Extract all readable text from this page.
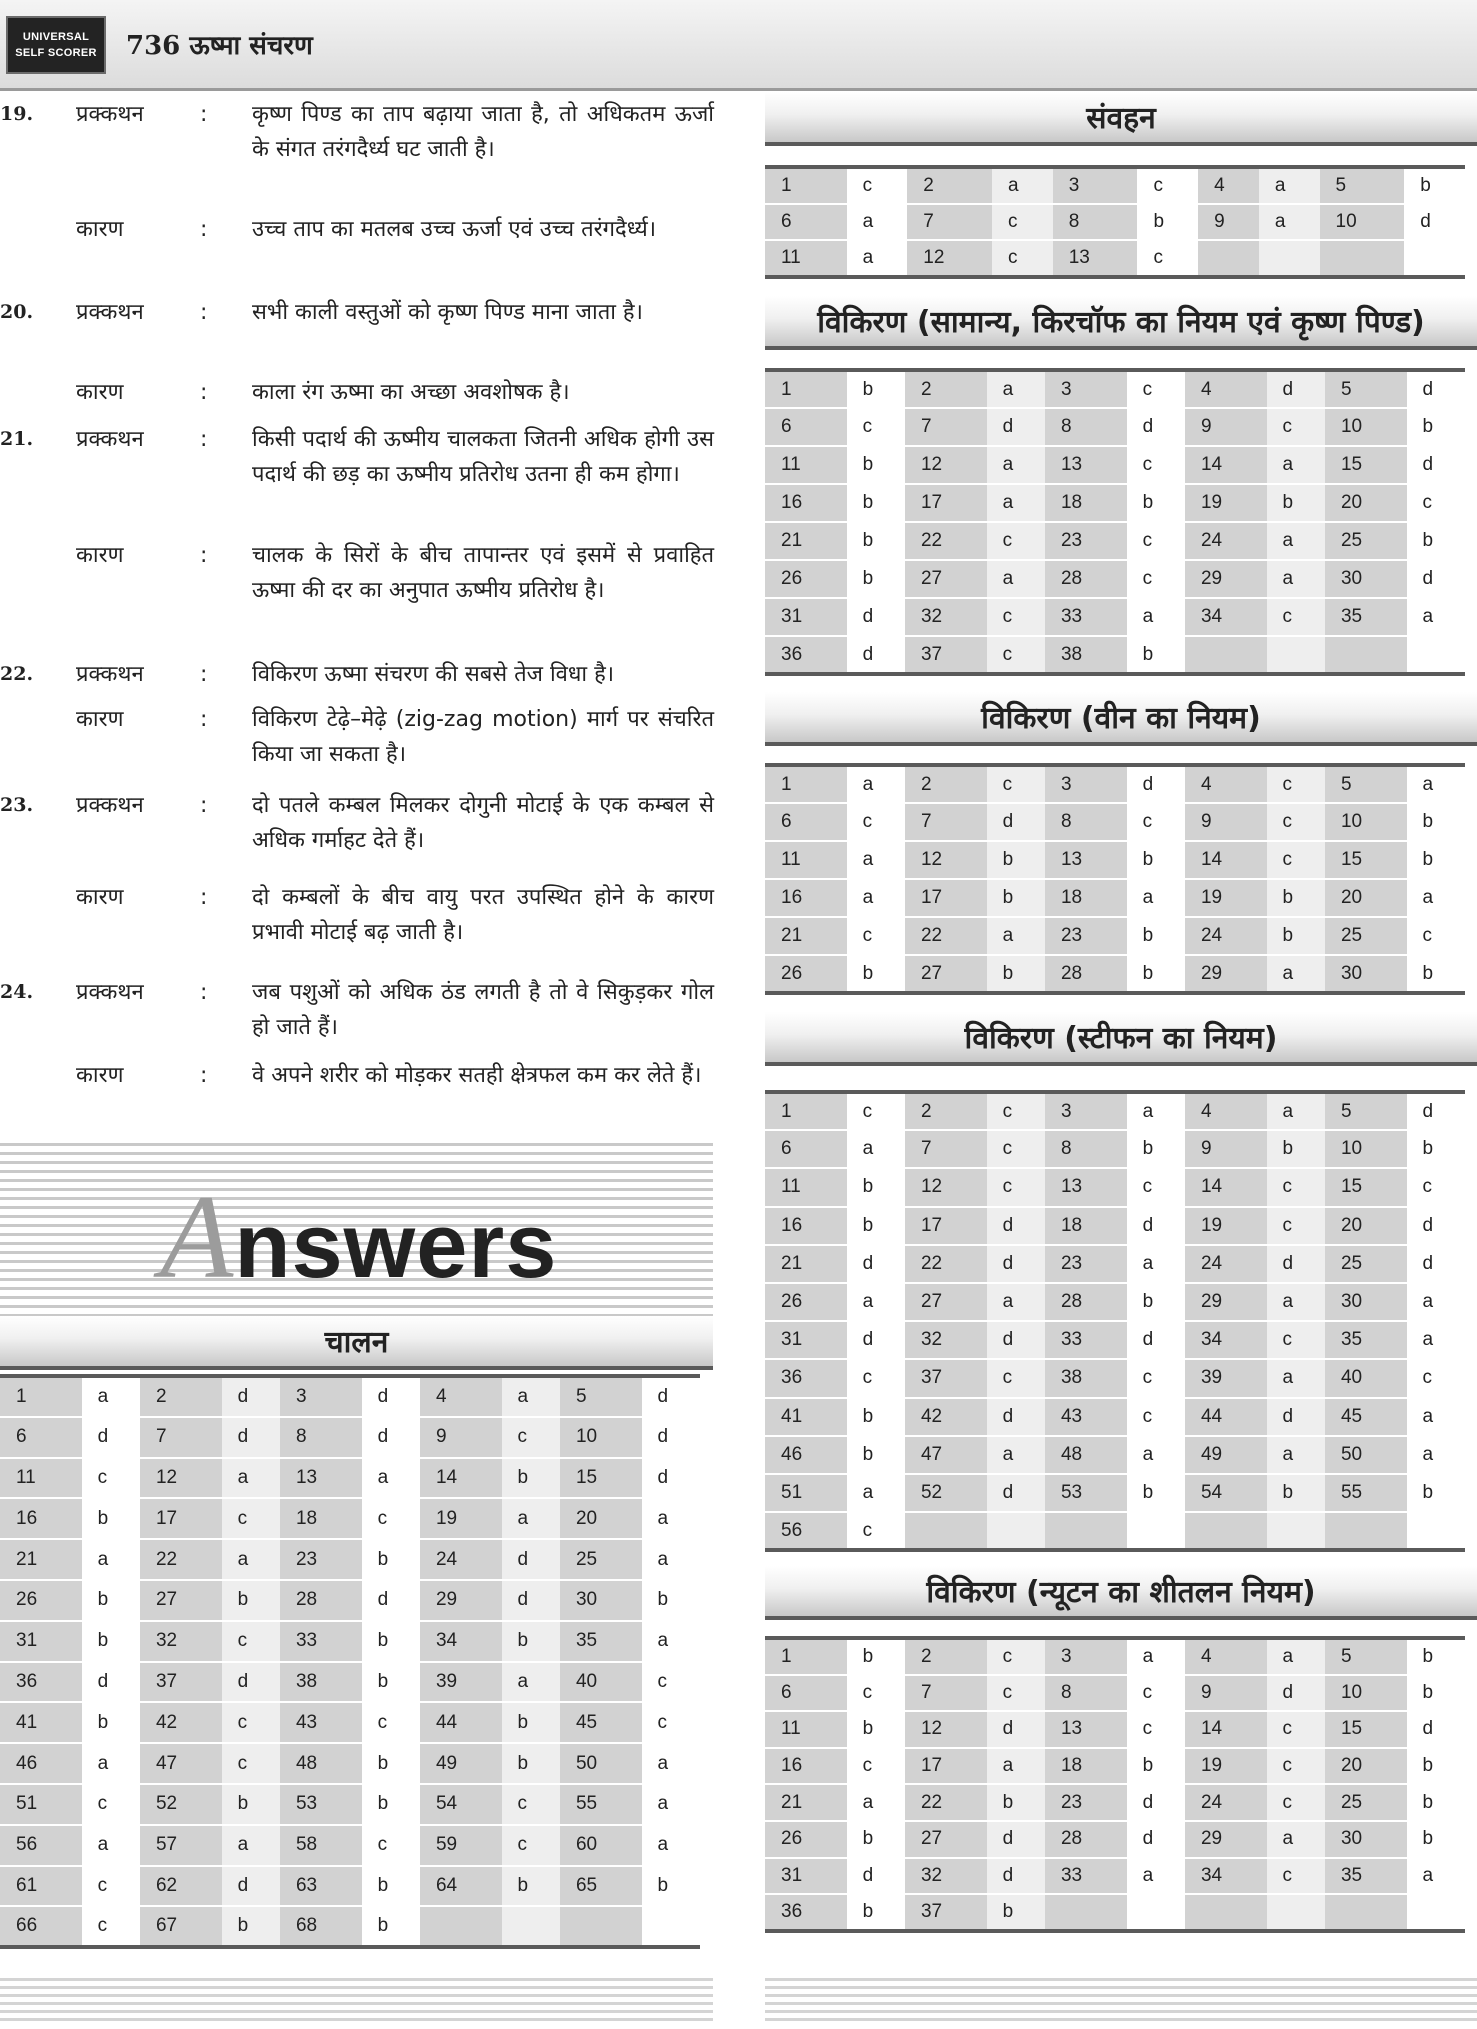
UNIVERSAL
SELF SCORER 736 ऊष्मा संचरण
19.	प्रक्कथन	:	कृष्ण पिण्ड का ताप बढ़ाया जाता है, तो अधिकतम ऊर्जा के संगत तरंगदैर्ध्य घट जाती है।
कारण	:	उच्च ताप का मतलब उच्च ऊर्जा एवं उच्च तरंगदैर्ध्य।
20.	प्रक्कथन	:	सभी काली वस्तुओं को कृष्ण पिण्ड माना जाता है।
कारण	:	काला रंग ऊष्मा का अच्छा अवशोषक है।
21.	प्रक्कथन	:	किसी पदार्थ की ऊष्मीय चालकता जितनी अधिक होगी उस पदार्थ की छड़ का ऊष्मीय प्रतिरोध उतना ही कम होगा।
कारण	:	चालक के सिरों के बीच तापान्तर एवं इसमें से प्रवाहित ऊष्मा की दर का अनुपात ऊष्मीय प्रतिरोध है।
22.	प्रक्कथन	:	विकिरण ऊष्मा संचरण की सबसे तेज विधा है।
कारण	:	विकिरण टेढ़े–मेढ़े (zig-zag motion) मार्ग पर संचरित किया जा सकता है।
23.	प्रक्कथन	:	दो पतले कम्बल मिलकर दोगुनी मोटाई के एक कम्बल से अधिक गर्माहट देते हैं।
कारण	:	दो कम्बलों के बीच वायु परत उपस्थित होने के कारण प्रभावी मोटाई बढ़ जाती है।
24.	प्रक्कथन	:	जब पशुओं को अधिक ठंड लगती है तो वे सिकुड़कर गोल हो जाते हैं।
कारण	:	वे अपने शरीर को मोड़कर सतही क्षेत्रफल कम कर लेते हैं।
Answers
चालन
1	a	2	d	3	d	4	a	5	d
6	d	7	d	8	d	9	c	10	d
11	c	12	a	13	a	14	b	15	d
16	b	17	c	18	c	19	a	20	a
21	a	22	a	23	b	24	d	25	a
26	b	27	b	28	d	29	d	30	b
31	b	32	c	33	b	34	b	35	a
36	d	37	d	38	b	39	a	40	c
41	b	42	c	43	c	44	b	45	c
46	a	47	c	48	b	49	b	50	a
51	c	52	b	53	b	54	c	55	a
56	a	57	a	58	c	59	c	60	a
61	c	62	d	63	b	64	b	65	b
66	c	67	b	68	b				
संवहन
1	c	2	a	3	c	4	a	5	b
6	a	7	c	8	b	9	a	10	d
11	a	12	c	13	c				
विकिरण (सामान्य, किरचॉफ का नियम एवं कृष्ण पिण्ड)
1	b	2	a	3	c	4	d	5	d
6	c	7	d	8	d	9	c	10	b
11	b	12	a	13	c	14	a	15	d
16	b	17	a	18	b	19	b	20	c
21	b	22	c	23	c	24	a	25	b
26	b	27	a	28	c	29	a	30	d
31	d	32	c	33	a	34	c	35	a
36	d	37	c	38	b				
विकिरण (वीन का नियम)
1	a	2	c	3	d	4	c	5	a
6	c	7	d	8	c	9	c	10	b
11	a	12	b	13	b	14	c	15	b
16	a	17	b	18	a	19	b	20	a
21	c	22	a	23	b	24	b	25	c
26	b	27	b	28	b	29	a	30	b
विकिरण (स्टीफन का नियम)
1	c	2	c	3	a	4	a	5	d
6	a	7	c	8	b	9	b	10	b
11	b	12	c	13	c	14	c	15	c
16	b	17	d	18	d	19	c	20	d
21	d	22	d	23	a	24	d	25	d
26	a	27	a	28	b	29	a	30	a
31	d	32	d	33	d	34	c	35	a
36	c	37	c	38	c	39	a	40	c
41	b	42	d	43	c	44	d	45	a
46	b	47	a	48	a	49	a	50	a
51	a	52	d	53	b	54	b	55	b
56	c								
विकिरण (न्यूटन का शीतलन नियम)
1	b	2	c	3	a	4	a	5	b
6	c	7	c	8	c	9	d	10	b
11	b	12	d	13	c	14	c	15	d
16	c	17	a	18	b	19	c	20	b
21	a	22	b	23	d	24	c	25	b
26	b	27	d	28	d	29	a	30	b
31	d	32	d	33	a	34	c	35	a
36	b	37	b						
